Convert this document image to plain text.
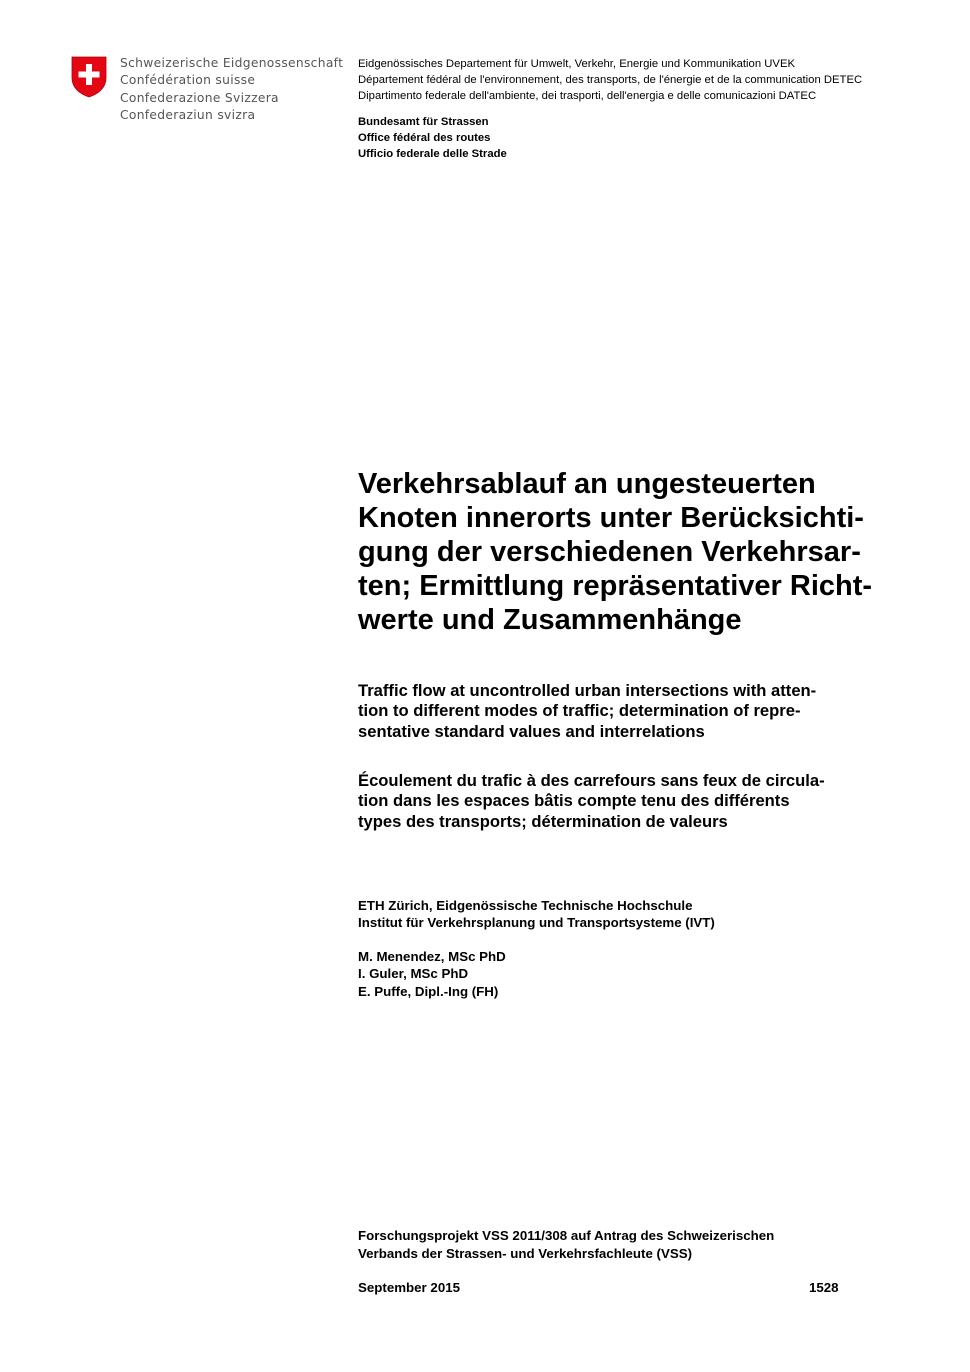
Schweizerische Eidgenossenschaft
Confédération suisse
Confederazione Svizzera
Confederaziun svizra
Eidgenössisches Departement für Umwelt, Verkehr, Energie und Kommunikation UVEK
Département fédéral de l'environnement, des transports, de l'énergie et de la communication DETEC
Dipartimento federale dell'ambiente, dei trasporti, dell'energia e delle comunicazioni DATEC
Bundesamt für Strassen
Office fédéral des routes
Ufficio federale delle Strade
Verkehrsablauf an ungesteuerten
Knoten innerorts unter Berücksichti-
gung der verschiedenen Verkehrsar-
ten; Ermittlung repräsentativer Richt-
werte und Zusammenhänge
Traffic flow at uncontrolled urban intersections with atten-
tion to different modes of traffic; determination of repre-
sentative standard values and interrelations
Écoulement du trafic à des carrefours sans feux de circula-
tion dans les espaces bâtis compte tenu des différents
types des transports; détermination de valeurs
ETH Zürich, Eidgenössische Technische Hochschule
Institut für Verkehrsplanung und Transportsysteme (IVT)
M. Menendez, MSc PhD
I. Guler, MSc PhD
E. Puffe, Dipl.-Ing (FH)
Forschungsprojekt VSS 2011/308 auf Antrag des Schweizerischen
Verbands der Strassen- und Verkehrsfachleute (VSS)
September 2015	1528
